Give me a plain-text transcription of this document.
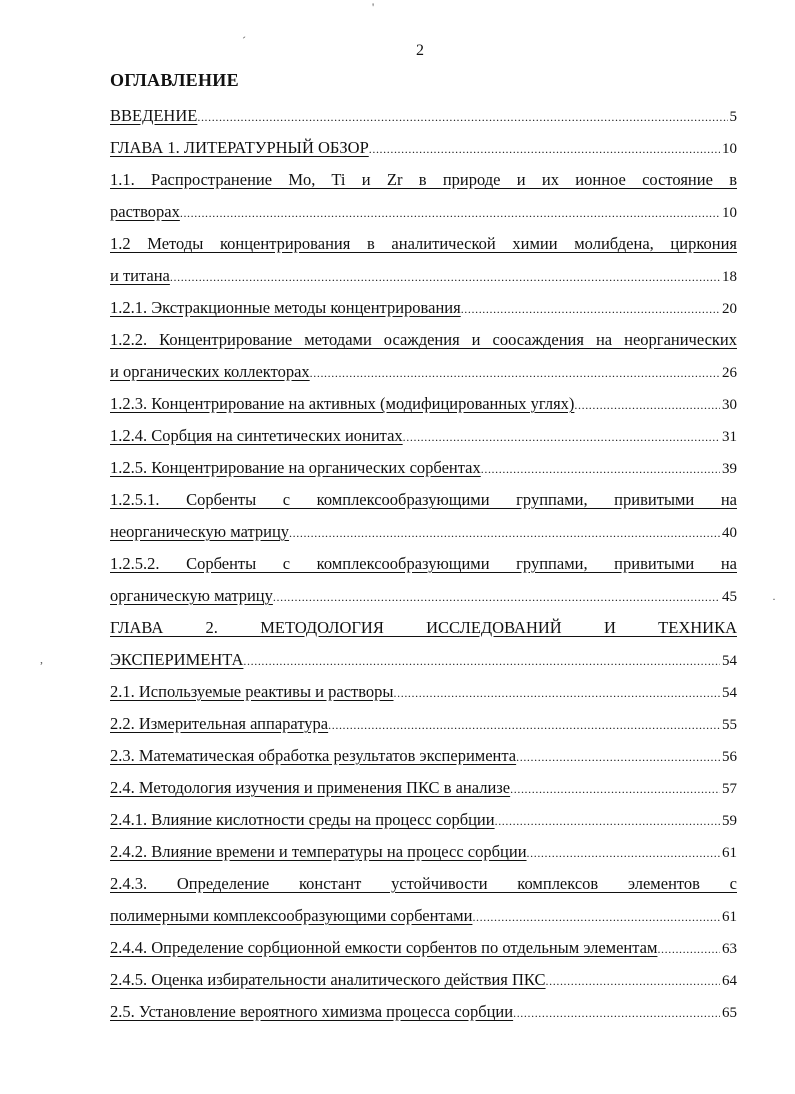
2
ОГЛАВЛЕНИЕ
ВВЕДЕНИЕ .....	5
ГЛАВА 1. ЛИТЕРАТУРНЫЙ ОБЗОР .....	10
1.1. Распространение Mo, Ti и Zr в природе и их ионное состояние в
растворах .....	10
1.2 Методы концентрирования в аналитической химии молибдена, циркония
и титана .....	18
1.2.1. Экстракционные методы концентрирования .....	20
1.2.2. Концентрирование методами осаждения и соосаждения на неорганических
и органических коллекторах .....	26
1.2.3. Концентрирование на активных (модифицированных углях) .....	30
1.2.4. Сорбция на синтетических ионитах .....	31
1.2.5. Концентрирование на органических сорбентах .....	39
1.2.5.1. Сорбенты с комплексообразующими группами, привитыми на
неорганическую матрицу .....	40
1.2.5.2. Сорбенты с комплексообразующими группами, привитыми на
органическую матрицу .....	45
ГЛАВА 2. МЕТОДОЛОГИЯ ИССЛЕДОВАНИЙ И ТЕХНИКА
ЭКСПЕРИМЕНТА .....	54
2.1. Используемые реактивы и растворы .....	54
2.2. Измерительная аппаратура .....	55
2.3. Математическая обработка результатов эксперимента .....	56
2.4. Методология изучения и применения ПКС в анализе .....	57
2.4.1. Влияние кислотности среды на процесс сорбции .....	59
2.4.2. Влияние времени и температуры на процесс сорбции .....	61
2.4.3. Определение констант устойчивости комплексов элементов с
полимерными комплексообразующими сорбентами .....	61
2.4.4. Определение сорбционной емкости сорбентов по отдельным элементам .....	63
2.4.5. Оценка избирательности аналитического действия ПКС .....	64
2.5. Установление вероятного химизма процесса сорбции .....	65
'
´
·
,
